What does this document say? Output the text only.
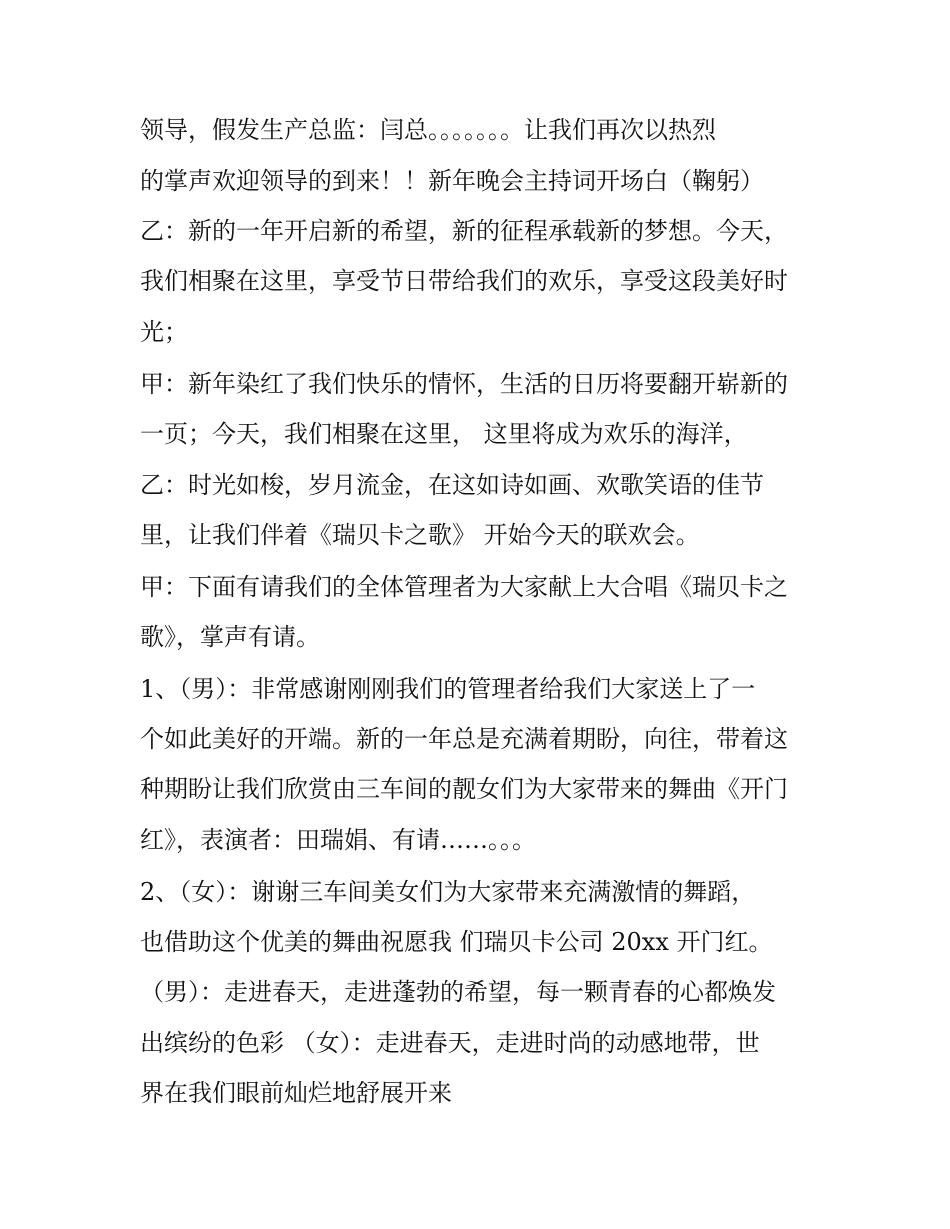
领导，假发生产总监：闫总。。。。。。。让我们再次以热烈
的掌声欢迎领导的到来！！新年晚会主持词开场白（鞠躬）
乙：新的一年开启新的希望，新的征程承载新的梦想。今天，
我们相聚在这里，享受节日带给我们的欢乐，享受这段美好时
光；
甲：新年染红了我们快乐的情怀，生活的日历将要翻开崭新的
一页；今天，我们相聚在这里， 这里将成为欢乐的海洋，
乙：时光如梭，岁月流金，在这如诗如画、欢歌笑语的佳节
里，让我们伴着《瑞贝卡之歌》 开始今天的联欢会。
甲：下面有请我们的全体管理者为大家献上大合唱《瑞贝卡之
歌》，掌声有请。
1、（男）：非常感谢刚刚我们的管理者给我们大家送上了一
个如此美好的开端。新的一年总是充满着期盼，向往，带着这
种期盼让我们欣赏由三车间的靓女们为大家带来的舞曲《开门
红》，表演者：田瑞娟、有请……。。。
2、（女）：谢谢三车间美女们为大家带来充满激情的舞蹈，
也借助这个优美的舞曲祝愿我 们瑞贝卡公司 20xx 开门红。
（男）：走进春天，走进蓬勃的希望，每一颗青春的心都焕发
出缤纷的色彩 （女）：走进春天，走进时尚的动感地带，世
界在我们眼前灿烂地舒展开来
